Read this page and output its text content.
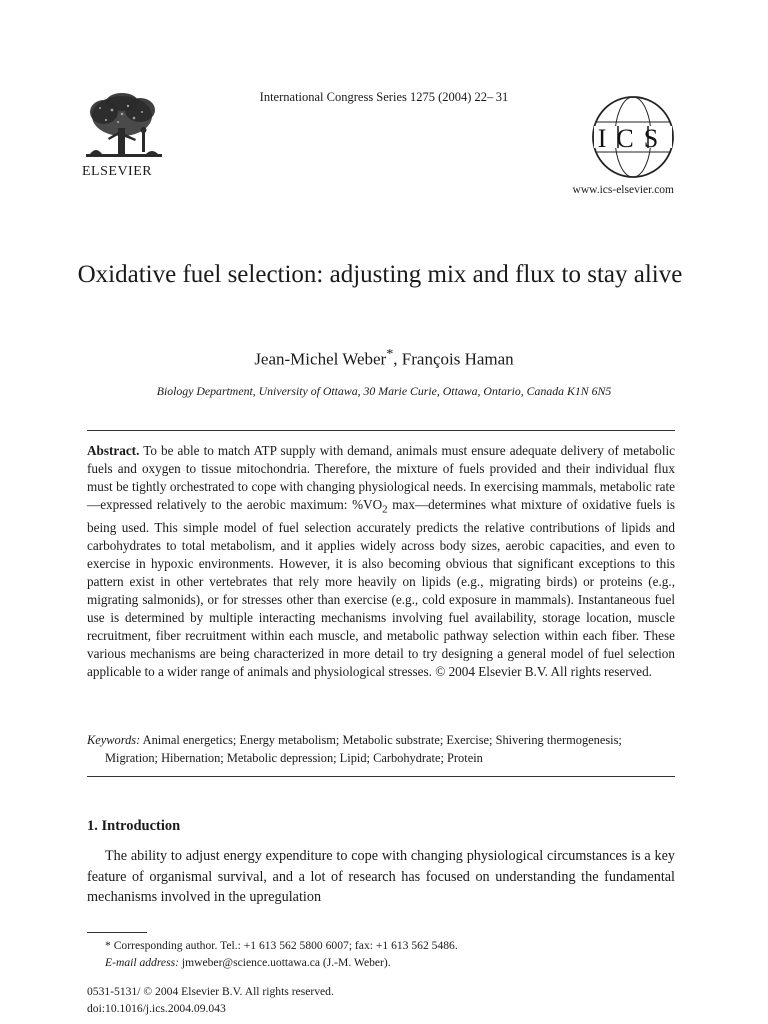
International Congress Series 1275 (2004) 22– 31
ELSEVIER
ICS
www.ics-elsevier.com
Oxidative fuel selection: adjusting mix and flux to stay alive
Jean-Michel Weber*, François Haman
Biology Department, University of Ottawa, 30 Marie Curie, Ottawa, Ontario, Canada K1N 6N5
Abstract. To be able to match ATP supply with demand, animals must ensure adequate delivery of metabolic fuels and oxygen to tissue mitochondria. Therefore, the mixture of fuels provided and their individual flux must be tightly orchestrated to cope with changing physiological needs. In exercising mammals, metabolic rate—expressed relatively to the aerobic maximum: $\%VO_2$ max—determines what mixture of oxidative fuels is being used. This simple model of fuel selection accurately predicts the relative contributions of lipids and carbohydrates to total metabolism, and it applies widely across body sizes, aerobic capacities, and even to exercise in hypoxic environments. However, it is also becoming obvious that significant exceptions to this pattern exist in other vertebrates that rely more heavily on lipids (e.g., migrating birds) or proteins (e.g., migrating salmonids), or for stresses other than exercise (e.g., cold exposure in mammals). Instantaneous fuel use is determined by multiple interacting mechanisms involving fuel availability, storage location, muscle recruitment, fiber recruitment within each muscle, and metabolic pathway selection within each fiber. These various mechanisms are being characterized in more detail to try designing a general model of fuel selection applicable to a wider range of animals and physiological stresses. © 2004 Elsevier B.V. All rights reserved.
Keywords: Animal energetics; Energy metabolism; Metabolic substrate; Exercise; Shivering thermogenesis;
Migration; Hibernation; Metabolic depression; Lipid; Carbohydrate; Protein
1. Introduction
The ability to adjust energy expenditure to cope with changing physiological circumstances is a key feature of organismal survival, and a lot of research has focused on understanding the fundamental mechanisms involved in the upregulation
* Corresponding author. Tel.: +1 613 562 5800 6007; fax: +1 613 562 5486.
E-mail address: jmweber@science.uottawa.ca (J.-M. Weber).
0531-5131/ © 2004 Elsevier B.V. All rights reserved.
doi:10.1016/j.ics.2004.09.043
